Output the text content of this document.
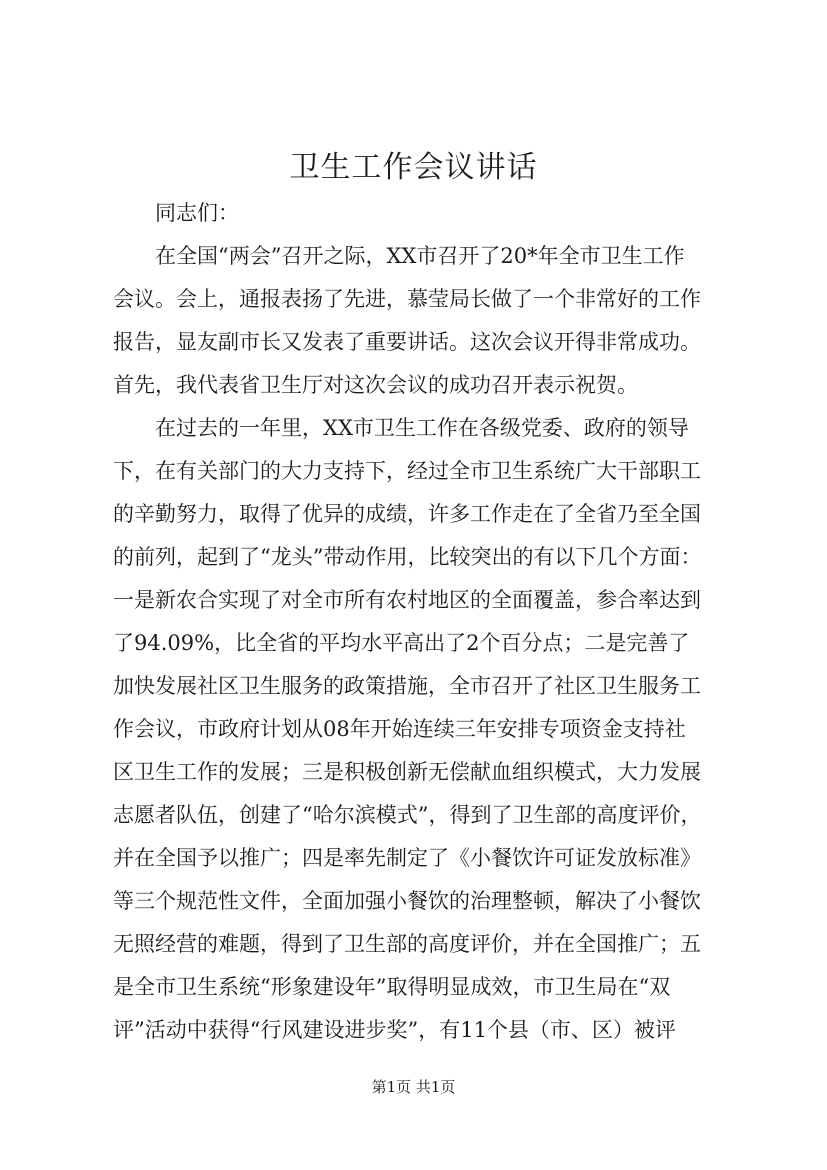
卫生工作会议讲话
同志们：
在全国“两会”召开之际，XX市召开了20*年全市卫生工作
会议。会上，通报表扬了先进，慕莹局长做了一个非常好的工作
报告，显友副市长又发表了重要讲话。这次会议开得非常成功。
首先，我代表省卫生厅对这次会议的成功召开表示祝贺。
在过去的一年里，XX市卫生工作在各级党委、政府的领导
下，在有关部门的大力支持下，经过全市卫生系统广大干部职工
的辛勤努力，取得了优异的成绩，许多工作走在了全省乃至全国
的前列，起到了“龙头”带动作用，比较突出的有以下几个方面：
一是新农合实现了对全市所有农村地区的全面覆盖，参合率达到
了94.09%，比全省的平均水平高出了2个百分点；二是完善了
加快发展社区卫生服务的政策措施，全市召开了社区卫生服务工
作会议，市政府计划从08年开始连续三年安排专项资金支持社
区卫生工作的发展；三是积极创新无偿献血组织模式，大力发展
志愿者队伍，创建了“哈尔滨模式”，得到了卫生部的高度评价，
并在全国予以推广；四是率先制定了《小餐饮许可证发放标准》
等三个规范性文件，全面加强小餐饮的治理整顿，解决了小餐饮
无照经营的难题，得到了卫生部的高度评价，并在全国推广；五
是全市卫生系统“形象建设年”取得明显成效，市卫生局在“双
评”活动中获得“行风建设进步奖”，有11个县（市、区）被评
第1页 共1页
